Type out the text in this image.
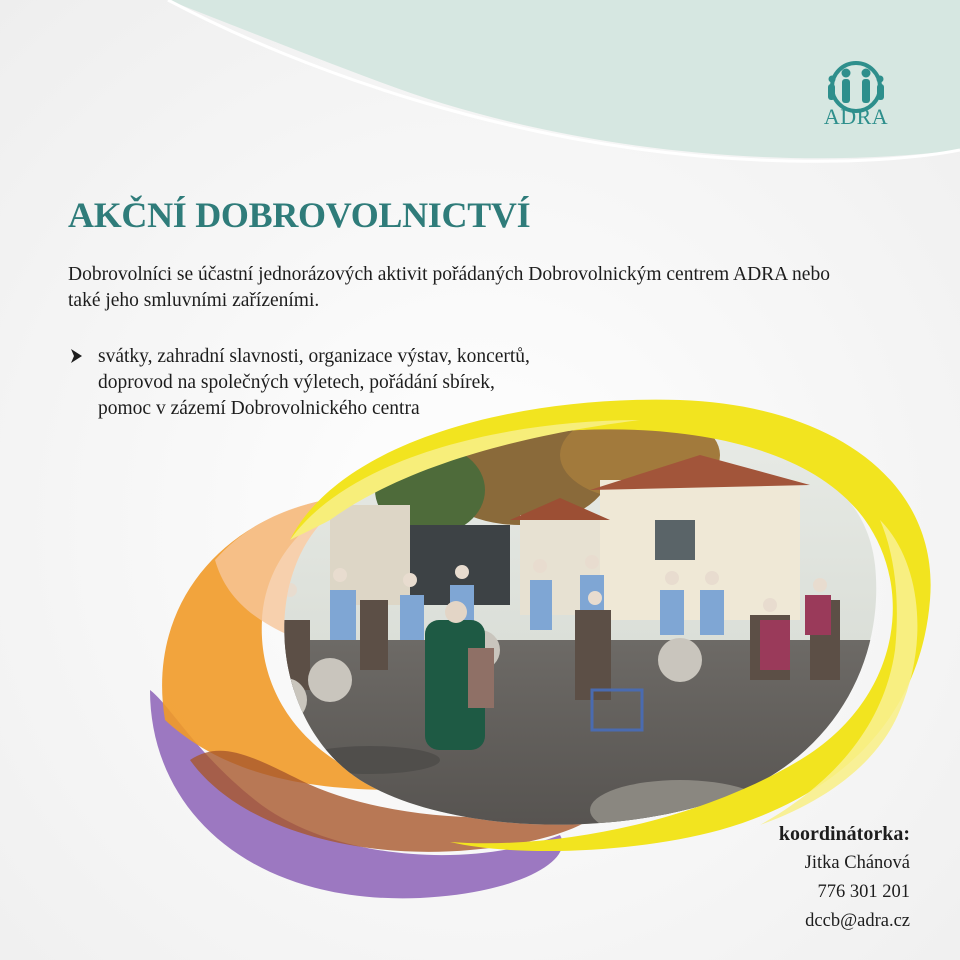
ADRA
AKČNÍ DOBROVOLNICTVÍ

Dobrovolníci se účastní jednorázových aktivit pořádaných Dobrovolnickým centrem ADRA nebo také jeho smluvními zařízeními.

svátky, zahradní slavnosti, organizace výstav, koncertů,
doprovod na společných výletech, pořádání sbírek,
pomoc v zázemí Dobrovolnického centra
koordinátorka:
Jitka Chánová
776 301 201
dccb@adra.cz
